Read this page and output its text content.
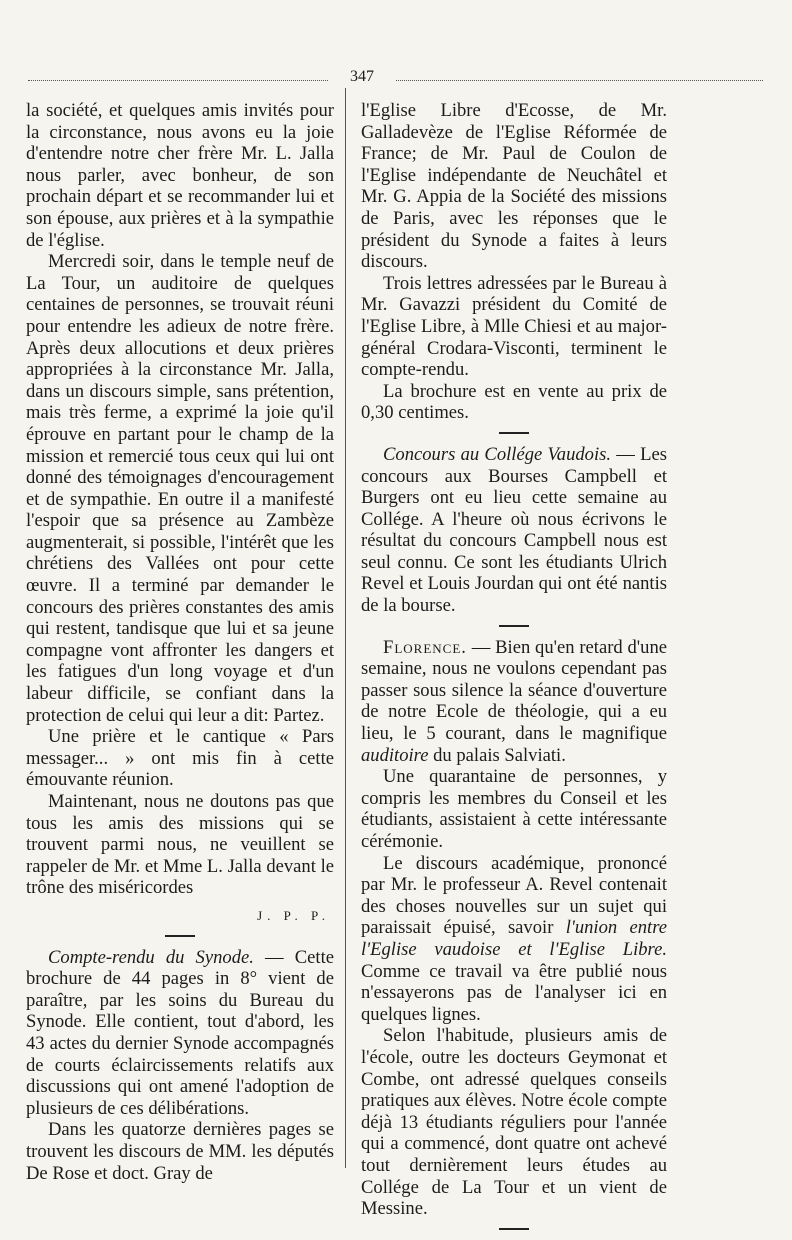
347

la société, et quelques amis invités pour la circonstance, nous avons eu la joie d'entendre notre cher frère Mr. L. Jalla nous parler, avec bonheur, de son prochain départ et se recommander lui et son épouse, aux prières et à la sympathie de l'église.

Mercredi soir, dans le temple neuf de La Tour, un auditoire de quelques centaines de personnes, se trouvait réuni pour entendre les adieux de notre frère. Après deux allocutions et deux prières appropriées à la circonstance Mr. Jalla, dans un discours simple, sans prétention, mais très ferme, a exprimé la joie qu'il éprouve en partant pour le champ de la mission et remercié tous ceux qui lui ont donné des témoignages d'encouragement et de sympathie. En outre il a manifesté l'espoir que sa présence au Zambèze augmenterait, si possible, l'intérêt que les chrétiens des Vallées ont pour cette œuvre. Il a terminé par demander le concours des prières constantes des amis qui restent, tandisque que lui et sa jeune compagne vont affronter les dangers et les fatigues d'un long voyage et d'un labeur difficile, se confiant dans la protection de celui qui leur a dit: Partez.

Une prière et le cantique « Pars messager... » ont mis fin à cette émouvante réunion.

Maintenant, nous ne doutons pas que tous les amis des missions qui se trouvent parmi nous, ne veuillent se rappeler de Mr. et Mme L. Jalla devant le trône des miséricordes

J. P. P.

Compte-rendu du Synode. — Cette brochure de 44 pages in 8° vient de paraître, par les soins du Bureau du Synode. Elle contient, tout d'abord, les 43 actes du dernier Synode accompagnés de courts éclaircissements relatifs aux discussions qui ont amené l'adoption de plusieurs de ces délibérations.

Dans les quatorze dernières pages se trouvent les discours de MM. les députés De Rose et doct. Gray de

l'Eglise Libre d'Ecosse, de Mr. Galladevèze de l'Eglise Réformée de France; de Mr. Paul de Coulon de l'Eglise indépendante de Neuchâtel et Mr. G. Appia de la Société des missions de Paris, avec les réponses que le président du Synode a faites à leurs discours.

Trois lettres adressées par le Bureau à Mr. Gavazzi président du Comité de l'Eglise Libre, à Mlle Chiesi et au major-général Crodara-Visconti, terminent le compte-rendu.

La brochure est en vente au prix de 0,30 centimes.

Concours au Collége Vaudois. — Les concours aux Bourses Campbell et Burgers ont eu lieu cette semaine au Collége. A l'heure où nous écrivons le résultat du concours Campbell nous est seul connu. Ce sont les étudiants Ulrich Revel et Louis Jourdan qui ont été nantis de la bourse.

Florence. — Bien qu'en retard d'une semaine, nous ne voulons cependant pas passer sous silence la séance d'ouverture de notre Ecole de théologie, qui a eu lieu, le 5 courant, dans le magnifique auditoire du palais Salviati.

Une quarantaine de personnes, y compris les membres du Conseil et les étudiants, assistaient à cette intéressante cérémonie.

Le discours académique, prononcé par Mr. le professeur A. Revel contenait des choses nouvelles sur un sujet qui paraissait épuisé, savoir l'union entre l'Eglise vaudoise et l'Eglise Libre. Comme ce travail va être publié nous n'essayerons pas de l'analyser ici en quelques lignes.

Selon l'habitude, plusieurs amis de l'école, outre les docteurs Geymonat et Combe, ont adressé quelques conseils pratiques aux élèves. Notre école compte déjà 13 étudiants réguliers pour l'année qui a commencé, dont quatre ont achevé tout dernièrement leurs études au Collége de La Tour et un vient de Messine.
